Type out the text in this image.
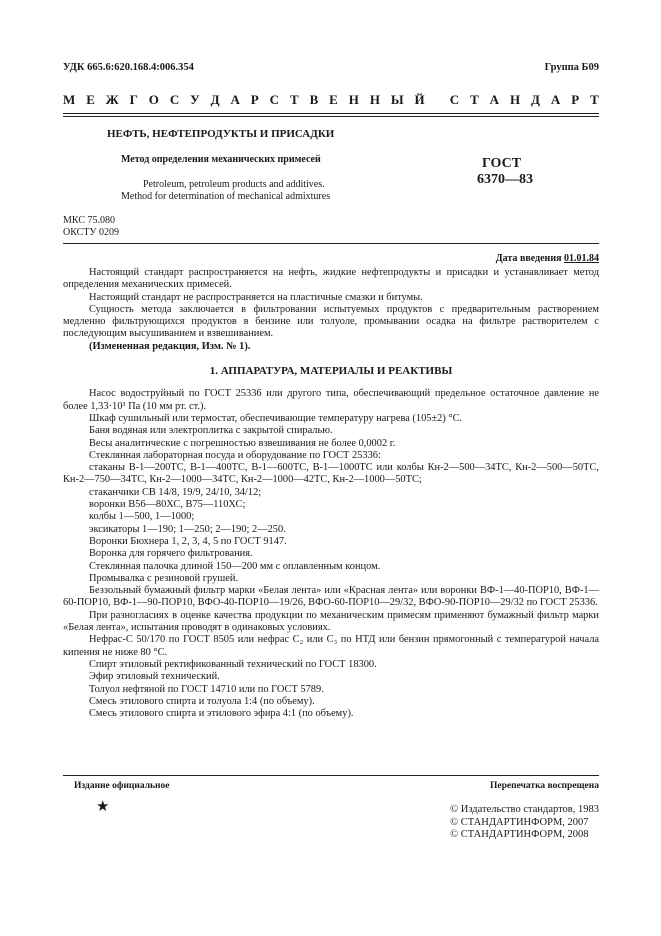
УДК 665.6:620.168.4:006.354	Группа Б09

М Е Ж Г О С У Д А Р С Т В Е Н Н Ы Й
С Т А Н Д А Р Т

НЕФТЬ, НЕФТЕПРОДУКТЫ И ПРИСАДКИ

Метод определения механических примесей	ГОСТ

6370—83

Petroleum, petroleum products and additives.

Method for determination of mechanical admixtures

МКС 75.080

ОКСТУ 0209

Дата введения 01.01.84

Настоящий стандарт распространяется на нефть, жидкие нефтепродукты и присадки и устанавливает метод определения механических примесей.

Настоящий стандарт не распространяется на пластичные смазки и битумы.

Сущность метода заключается в фильтровании испытуемых продуктов с предварительным растворением медленно фильтрующихся продуктов в бензине или толуоле, промывании осадка на фильтре растворителем с последующим высушиванием и взвешиванием.

(Измененная редакция, Изм. № 1).

1. АППАРАТУРА, МАТЕРИАЛЫ И РЕАКТИВЫ

Насос водоструйный по ГОСТ 25336 или другого типа, обеспечивающий предельное остаточное давление не более 1,33·10³ Па (10 мм рт. ст.).

Шкаф сушильный или термостат, обеспечивающие температуру нагрева (105±2) °С.

Баня водяная или электроплитка с закрытой спиралью.

Весы аналитические с погрешностью взвешивания не более 0,0002 г.

Стеклянная лабораторная посуда и оборудование по ГОСТ 25336:

стаканы В-1—200ТС, В-1—400ТС, В-1—600ТС, В-1—1000ТС или колбы Кн-2—500—34ТС, Кн-2—500—50ТС, Кн-2—750—34ТС, Кн-2—1000—34ТС, Кн-2—1000—42ТС, Кн-2—1000—50ТС;

стаканчики СВ 14/8, 19/9, 24/10, 34/12;

воронки В56—80ХС, В75—110ХС;

колбы 1—500, 1—1000;

эксикаторы 1—190; 1—250; 2—190; 2—250.

Воронки Бюхнера 1, 2, 3, 4, 5 по ГОСТ 9147.

Воронка для горячего фильтрования.

Стеклянная палочка длиной 150—200 мм с оплавленным концом.

Промывалка с резиновой грушей.

Беззольный бумажный фильтр марки «Белая лента» или «Красная лента» или воронки ВФ-1—40-ПОР10, ВФ-1—60-ПОР10, ВФ-1—90-ПОР10, ВФО-40-ПОР10—19/26, ВФО-60-ПОР10—29/32, ВФО-90-ПОР10—29/32 по ГОСТ 25336.

При разногласиях в оценке качества продукции по механическим примесям применяют бумажный фильтр марки «Белая лента», испытания проводят в одинаковых условиях.

Нефрас-С 50/170 по ГОСТ 8505 или нефрас С₂ или С₃ по НТД или бензин прямогонный с температурой начала кипения не ниже 80 °С.

Спирт этиловый ректификованный технический по ГОСТ 18300.

Эфир этиловый технический.

Толуол нефтяной по ГОСТ 14710 или по ГОСТ 5789.

Смесь этилового спирта и толуола 1:4 (по объему).

Смесь этилового спирта и этилового эфира 4:1 (по объему).

Издание официальное	Перепечатка воспрещена

★	© Издательство стандартов, 1983
© СТАНДАРТИНФОРМ, 2007
© СТАНДАРТИНФОРМ, 2008
